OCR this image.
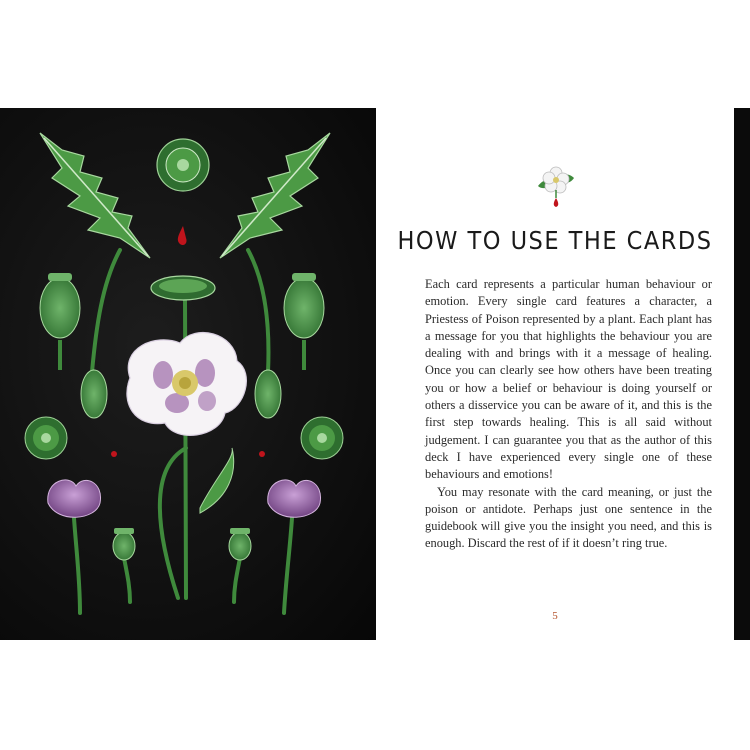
HOW TO USE THE CARDS

Each card represents a particular human behaviour or emotion. Every single card features a character, a Priestess of Poison represented by a plant. Each plant has a message for you that highlights the behaviour you are dealing with and brings with it a message of healing. Once you can clearly see how others have been treating you or how a belief or behaviour is doing yourself or others a disservice you can be aware of it, and this is the first step towards healing. This is all said without judgement. I can guarantee you that as the author of this deck I have experienced every single one of these behaviours and emotions!

You may resonate with the card meaning, or just the poison or antidote. Perhaps just one sentence in the guidebook will give you the insight you need, and this is enough. Discard the rest of if it doesn’t ring true.

5
